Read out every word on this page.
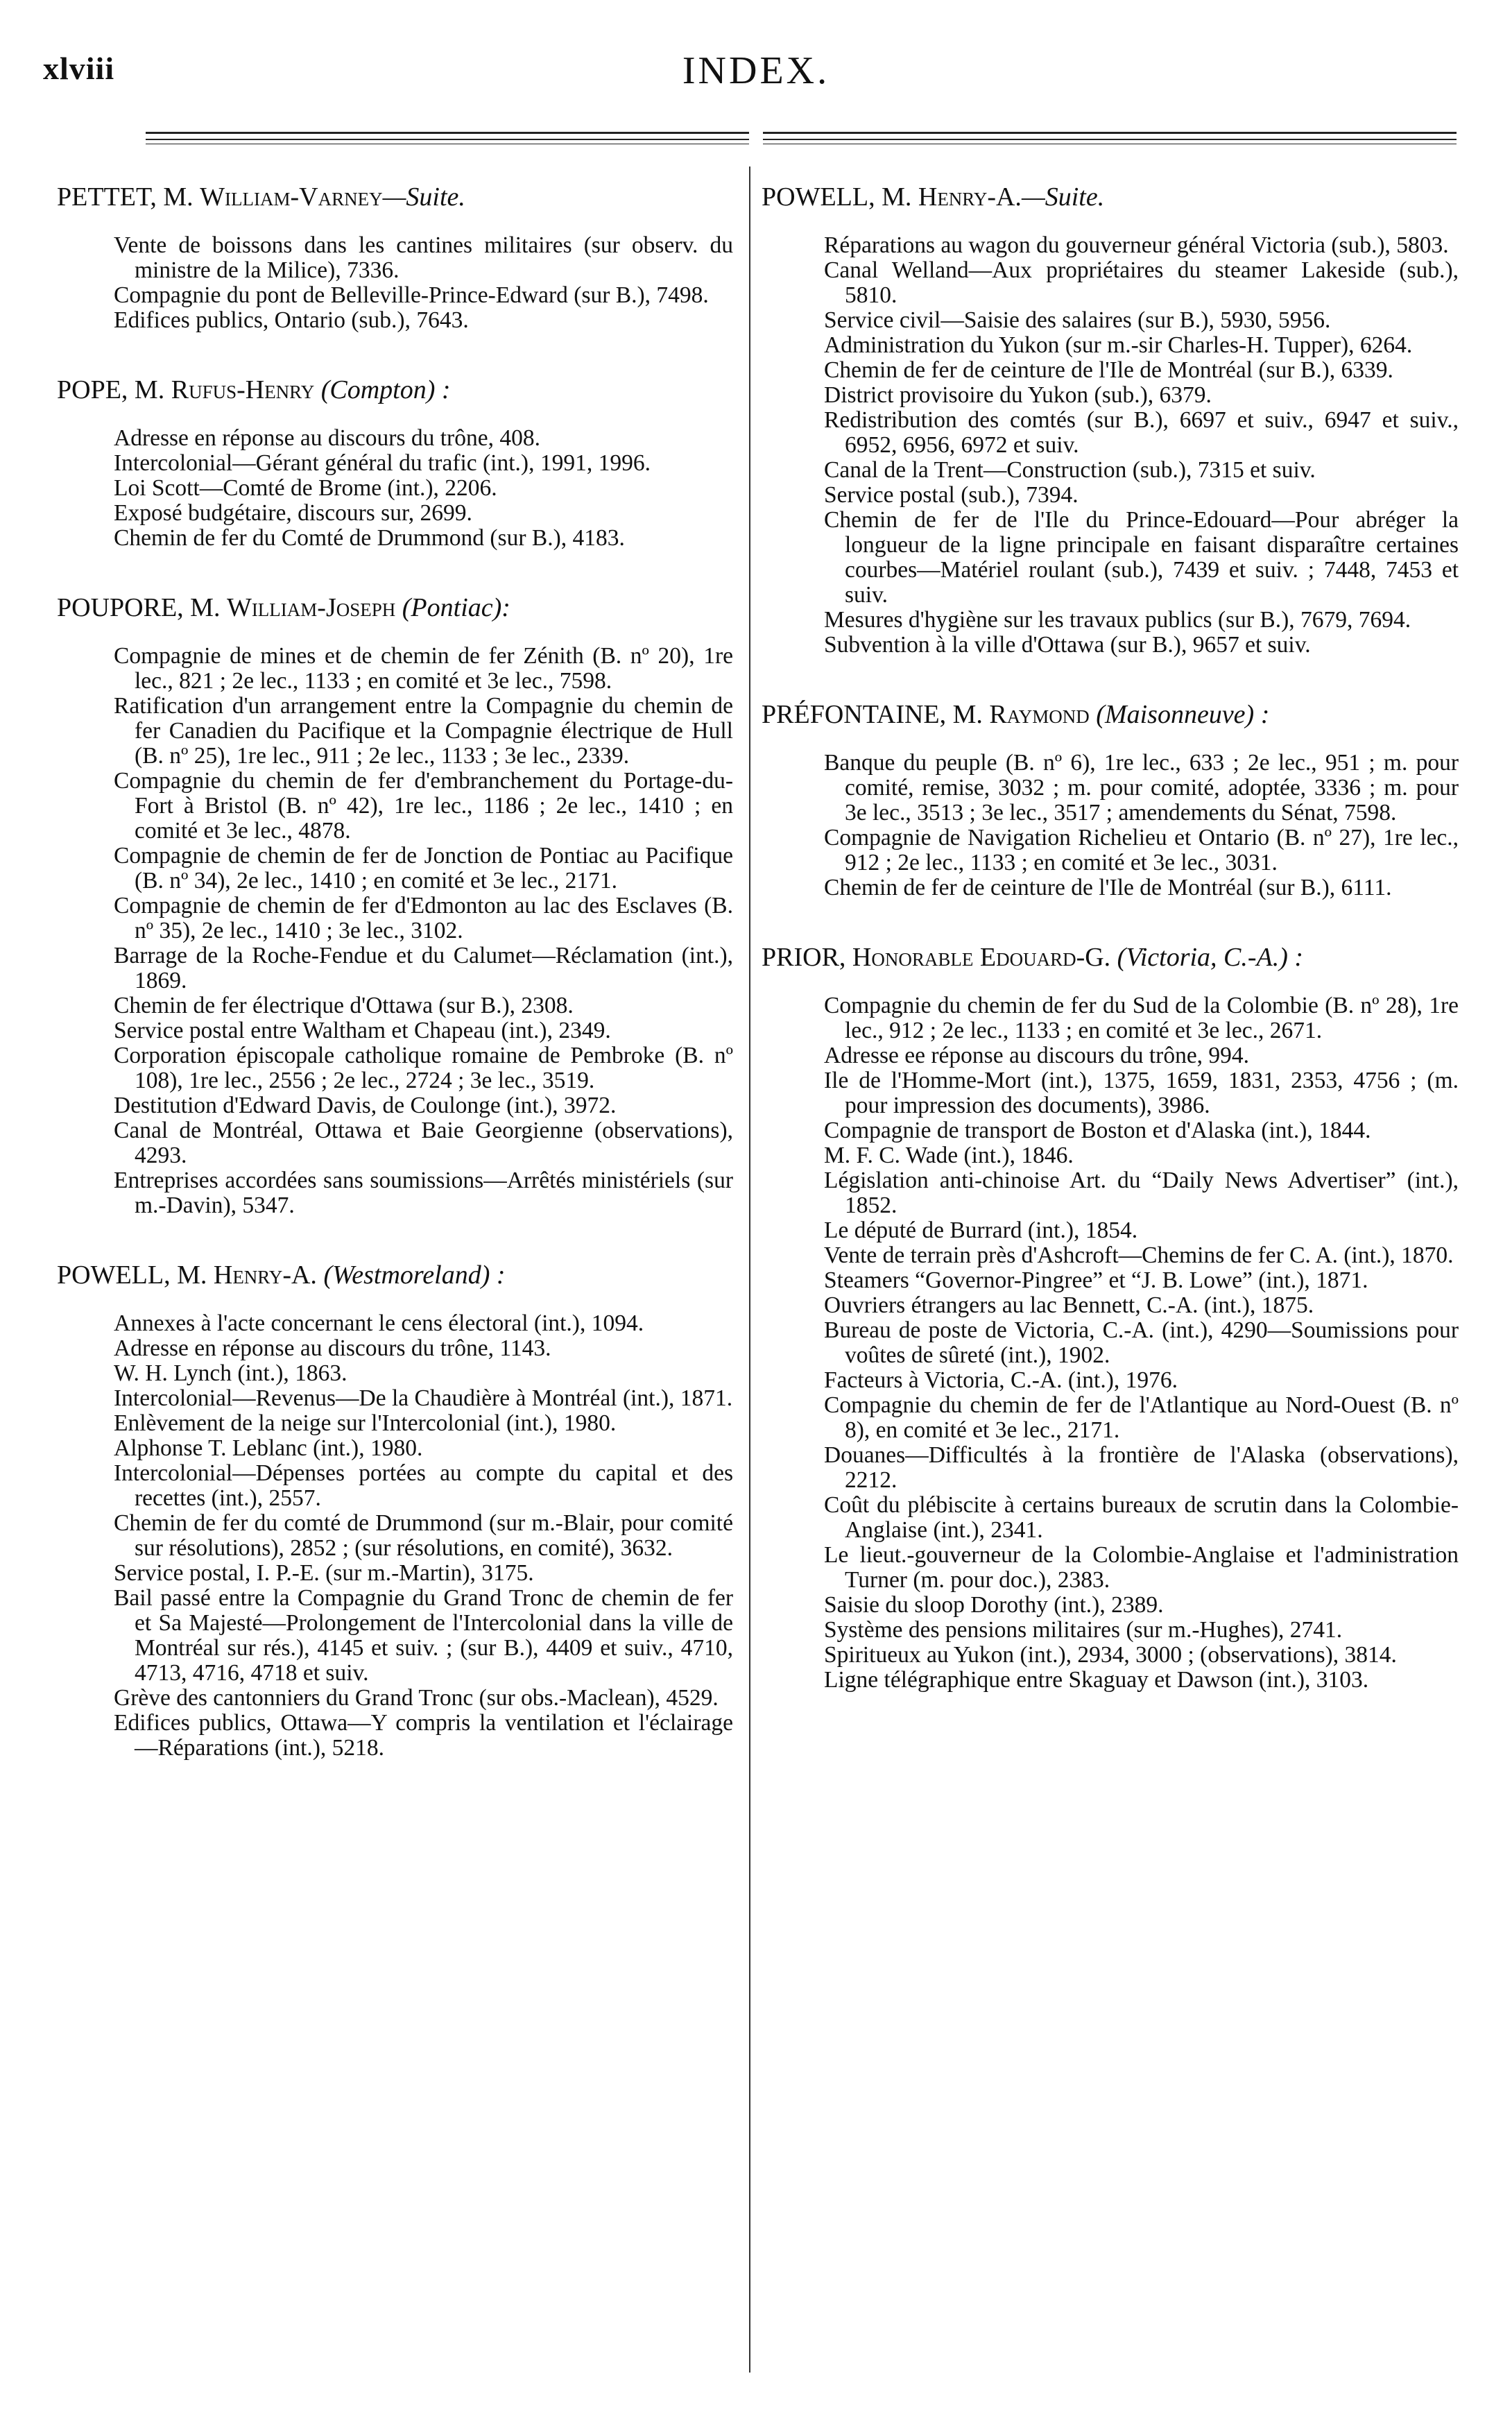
xlviii	INDEX.
PETTET, M. William-Varney—Suite.

Vente de boissons dans les cantines militaires (sur observ. du ministre de la Milice), 7336.

Compagnie du pont de Belleville-Prince-Edward (sur B.), 7498.

Edifices publics, Ontario (sub.), 7643.

POPE, M. Rufus-Henry (Compton) :

Adresse en réponse au discours du trône, 408.

Intercolonial—Gérant général du trafic (int.), 1991, 1996.

Loi Scott—Comté de Brome (int.), 2206.

Exposé budgétaire, discours sur, 2699.

Chemin de fer du Comté de Drummond (sur B.), 4183.

POUPORE, M. William-Joseph (Pontiac):

Compagnie de mines et de chemin de fer Zénith (B. nº 20), 1re lec., 821 ; 2e lec., 1133 ; en comité et 3e lec., 7598.

Ratification d'un arrangement entre la Compagnie du chemin de fer Canadien du Pacifique et la Compagnie électrique de Hull (B. nº 25), 1re lec., 911 ; 2e lec., 1133 ; 3e lec., 2339.

Compagnie du chemin de fer d'embranchement du Portage-du-Fort à Bristol (B. nº 42), 1re lec., 1186 ; 2e lec., 1410 ; en comité et 3e lec., 4878.

Compagnie de chemin de fer de Jonction de Pontiac au Pacifique (B. nº 34), 2e lec., 1410 ; en comité et 3e lec., 2171.

Compagnie de chemin de fer d'Edmonton au lac des Esclaves (B. nº 35), 2e lec., 1410 ; 3e lec., 3102.

Barrage de la Roche-Fendue et du Calumet—Réclamation (int.), 1869.

Chemin de fer électrique d'Ottawa (sur B.), 2308.

Service postal entre Waltham et Chapeau (int.), 2349.

Corporation épiscopale catholique romaine de Pembroke (B. nº 108), 1re lec., 2556 ; 2e lec., 2724 ; 3e lec., 3519.

Destitution d'Edward Davis, de Coulonge (int.), 3972.

Canal de Montréal, Ottawa et Baie Georgienne (observations), 4293.

Entreprises accordées sans soumissions—Arrêtés ministériels (sur m.-Davin), 5347.

POWELL, M. Henry-A. (Westmoreland) :

Annexes à l'acte concernant le cens électoral (int.), 1094.

Adresse en réponse au discours du trône, 1143.

W. H. Lynch (int.), 1863.

Intercolonial—Revenus—De la Chaudière à Montréal (int.), 1871.

Enlèvement de la neige sur l'Intercolonial (int.), 1980.

Alphonse T. Leblanc (int.), 1980.

Intercolonial—Dépenses portées au compte du capital et des recettes (int.), 2557.

Chemin de fer du comté de Drummond (sur m.-Blair, pour comité sur résolutions), 2852 ; (sur résolutions, en comité), 3632.

Service postal, I. P.-E. (sur m.-Martin), 3175.

Bail passé entre la Compagnie du Grand Tronc de chemin de fer et Sa Majesté—Prolongement de l'Intercolonial dans la ville de Montréal sur rés.), 4145 et suiv. ; (sur B.), 4409 et suiv., 4710, 4713, 4716, 4718 et suiv.

Grève des cantonniers du Grand Tronc (sur obs.-Maclean), 4529.

Edifices publics, Ottawa—Y compris la ventilation et l'éclairage—Réparations (int.), 5218.

POWELL, M. Henry-A.—Suite.

Réparations au wagon du gouverneur général Victoria (sub.), 5803.

Canal Welland—Aux propriétaires du steamer Lakeside (sub.), 5810.

Service civil—Saisie des salaires (sur B.), 5930, 5956.

Administration du Yukon (sur m.-sir Charles-H. Tupper), 6264.

Chemin de fer de ceinture de l'Ile de Montréal (sur B.), 6339.

District provisoire du Yukon (sub.), 6379.

Redistribution des comtés (sur B.), 6697 et suiv., 6947 et suiv., 6952, 6956, 6972 et suiv.

Canal de la Trent—Construction (sub.), 7315 et suiv.

Service postal (sub.), 7394.

Chemin de fer de l'Ile du Prince-Edouard—Pour abréger la longueur de la ligne principale en faisant disparaître certaines courbes—Matériel roulant (sub.), 7439 et suiv. ; 7448, 7453 et suiv.

Mesures d'hygiène sur les travaux publics (sur B.), 7679, 7694.

Subvention à la ville d'Ottawa (sur B.), 9657 et suiv.

PRÉFONTAINE, M. Raymond (Maisonneuve) :

Banque du peuple (B. nº 6), 1re lec., 633 ; 2e lec., 951 ; m. pour comité, remise, 3032 ; m. pour comité, adoptée, 3336 ; m. pour 3e lec., 3513 ; 3e lec., 3517 ; amendements du Sénat, 7598.

Compagnie de Navigation Richelieu et Ontario (B. nº 27), 1re lec., 912 ; 2e lec., 1133 ; en comité et 3e lec., 3031.

Chemin de fer de ceinture de l'Ile de Montréal (sur B.), 6111.

PRIOR, Honorable Edouard-G. (Victoria, C.-A.) :

Compagnie du chemin de fer du Sud de la Colombie (B. nº 28), 1re lec., 912 ; 2e lec., 1133 ; en comité et 3e lec., 2671.

Adresse ee réponse au discours du trône, 994.

Ile de l'Homme-Mort (int.), 1375, 1659, 1831, 2353, 4756 ; (m. pour impression des documents), 3986.

Compagnie de transport de Boston et d'Alaska (int.), 1844.

M. F. C. Wade (int.), 1846.

Législation anti-chinoise Art. du “Daily News Advertiser” (int.), 1852.

Le député de Burrard (int.), 1854.

Vente de terrain près d'Ashcroft—Chemins de fer C. A. (int.), 1870.

Steamers “Governor-Pingree” et “J. B. Lowe” (int.), 1871.

Ouvriers étrangers au lac Bennett, C.-A. (int.), 1875.

Bureau de poste de Victoria, C.-A. (int.), 4290—Soumissions pour voûtes de sûreté (int.), 1902.

Facteurs à Victoria, C.-A. (int.), 1976.

Compagnie du chemin de fer de l'Atlantique au Nord-Ouest (B. nº 8), en comité et 3e lec., 2171.

Douanes—Difficultés à la frontière de l'Alaska (observations), 2212.

Coût du plébiscite à certains bureaux de scrutin dans la Colombie-Anglaise (int.), 2341.

Le lieut.-gouverneur de la Colombie-Anglaise et l'administration Turner (m. pour doc.), 2383.

Saisie du sloop Dorothy (int.), 2389.

Système des pensions militaires (sur m.-Hughes), 2741.

Spiritueux au Yukon (int.), 2934, 3000 ; (observations), 3814.

Ligne télégraphique entre Skaguay et Dawson (int.), 3103.
